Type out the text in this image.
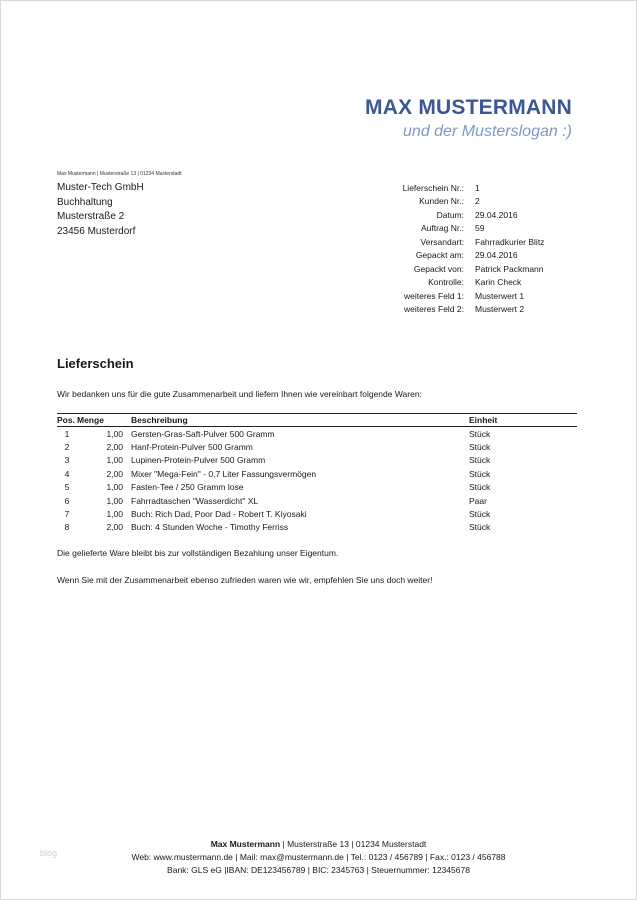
MAX MUSTERMANN
und der Musterslogan :)
Max Mustermann | Musterstraße 13 | 01234 Musterstadt
Muster-Tech GmbH
Buchhaltung
Musterstraße 2
23456 Musterdorf
Lieferschein Nr.:	1
Kunden Nr.:	2
Datum:	29.04.2016
Auftrag Nr.:	59
Versandart:	Fahrradkurier Blitz
Gepackt am:	29.04.2016
Gepackt von:	Patrick Packmann
Kontrolle:	Karin Check
weiteres Feld 1:	Musterwert 1
weiteres Feld 2:	Musterwert 2
Lieferschein
Wir bedanken uns für die gute Zusammenarbeit und liefern Ihnen wie vereinbart folgende Waren:
Pos.	Menge	Beschreibung	Einheit
1	1,00	Gersten-Gras-Saft-Pulver 500 Gramm	Stück
2	2,00	Hanf-Protein-Pulver 500 Gramm	Stück
3	1,00	Lupinen-Protein-Pulver 500 Gramm	Stück
4	2,00	Mixer "Mega-Fein" - 0,7 Liter Fassungsvermögen	Stück
5	1,00	Fasten-Tee / 250 Gramm lose	Stück
6	1,00	Fahrradtaschen "Wasserdicht" XL	Paar
7	1,00	Buch: Rich Dad, Poor Dad - Robert T. Kiyosaki	Stück
8	2,00	Buch: 4 Stunden Woche - Timothy Ferriss	Stück
Die gelieferte Ware bleibt bis zur vollständigen Bezahlung unser Eigentum.
Wenn Sie mit der Zusammenarbeit ebenso zufrieden waren wie wir, empfehlen Sie uns doch weiter!
Max Mustermann | Musterstraße 13 | 01234 Musterstadt
Web: www.mustermann.de | Mail: max@mustermann.de | Tel.: 0123 / 456789 | Fax.: 0123 / 456788
Bank: GLS eG |IBAN: DE123456789 | BIC: 2345763 | Steuernummer: 12345678
blog
